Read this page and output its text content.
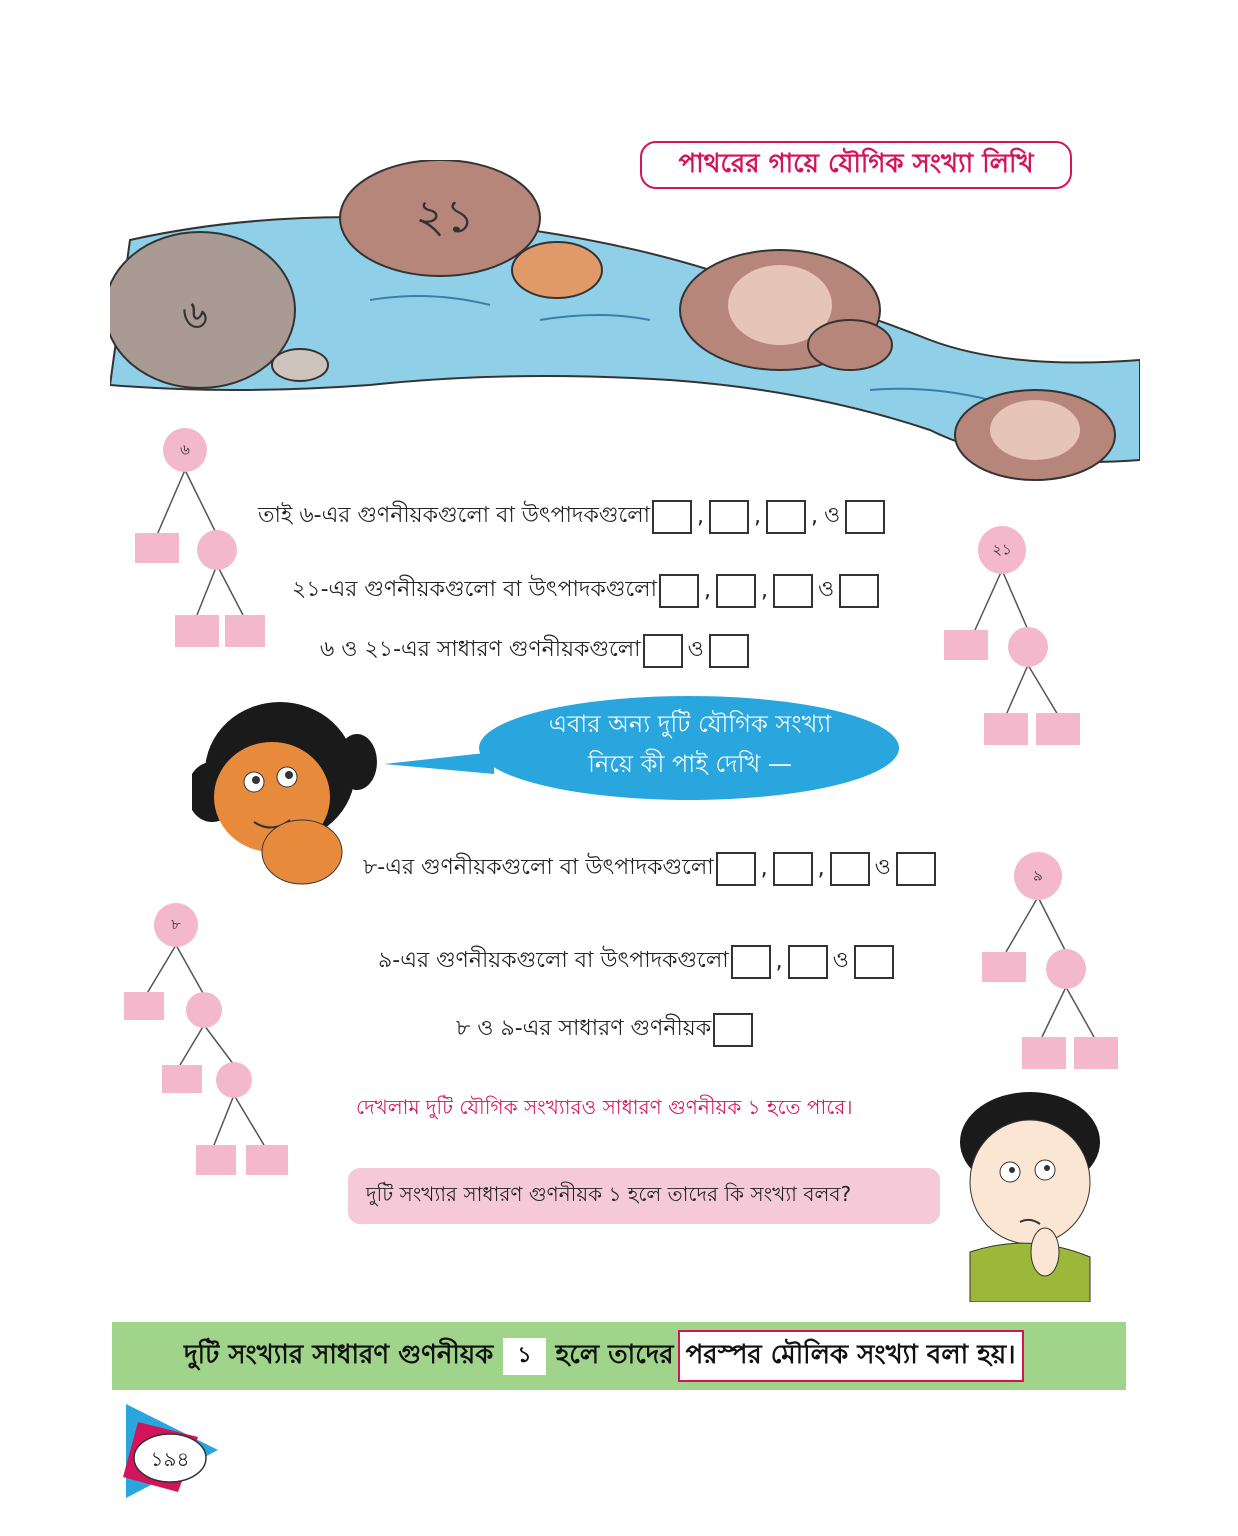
পাথরের গায়ে যৌগিক সংখ্যা লিখি
৬
২১
৬
২১
৮
৯
তাই ৬-এর গুণনীয়কগুলো বা উৎপাদকগুলো , , , ও
২১-এর গুণনীয়কগুলো বা উৎপাদকগুলো , , ও
৬ ও ২১-এর সাধারণ গুণনীয়কগুলো ও
এবার অন্য দুটি যৌগিক সংখ্যা
নিয়ে কী পাই দেখি —
৮-এর গুণনীয়কগুলো বা উৎপাদকগুলো , , ও
৯-এর গুণনীয়কগুলো বা উৎপাদকগুলো , ও
৮ ও ৯-এর সাধারণ গুণনীয়ক
দেখলাম দুটি যৌগিক সংখ্যারও সাধারণ গুণনীয়ক ১ হতে পারে।
দুটি সংখ্যার সাধারণ গুণনীয়ক ১ হলে তাদের কি সংখ্যা বলব?
দুটি সংখ্যার সাধারণ গুণনীয়ক	১ হলে তাদের পরস্পর মৌলিক সংখ্যা বলা হয়।
১৯৪
